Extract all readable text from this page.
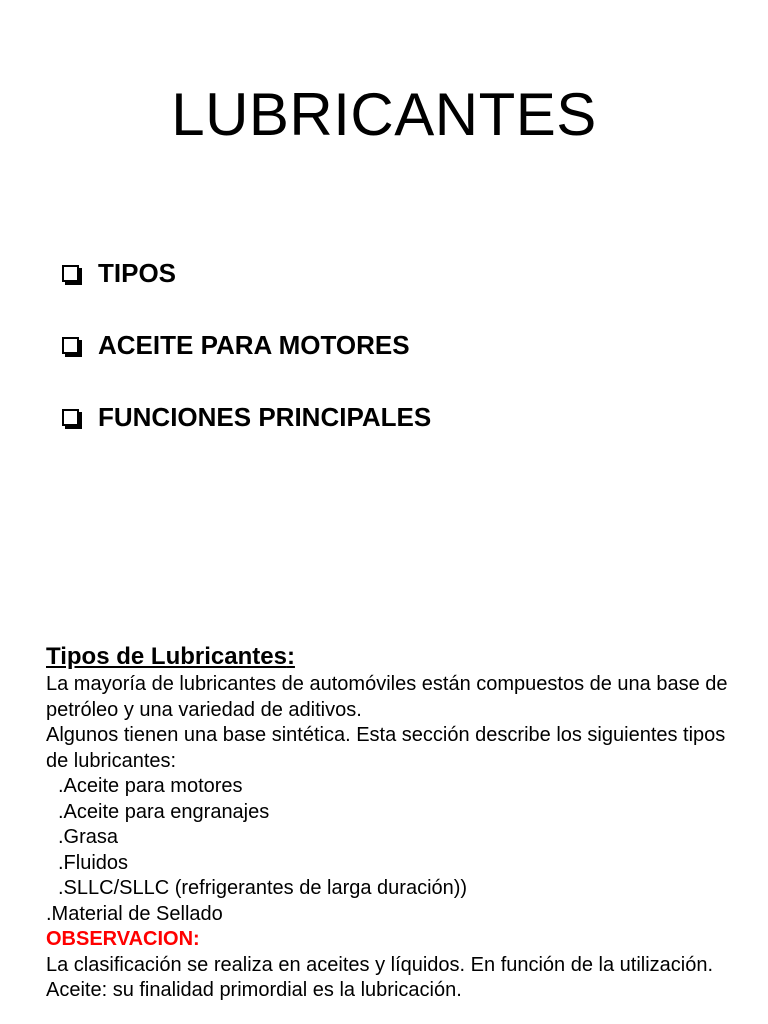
LUBRICANTES
TIPOS
ACEITE PARA MOTORES
FUNCIONES PRINCIPALES

Tipos de Lubricantes:

La mayoría de lubricantes de automóviles están compuestos de una base de petróleo y una variedad de aditivos.

Algunos tienen una base sintética. Esta sección describe los siguientes tipos de lubricantes:

.Aceite para motores

.Aceite para engranajes

.Grasa

.Fluidos

.SLLC/SLLC (refrigerantes de larga duración))

.Material de Sellado

OBSERVACION:

La clasificación se realiza en aceites y líquidos. En función de la utilización.

Aceite: su finalidad primordial es la lubricación.
